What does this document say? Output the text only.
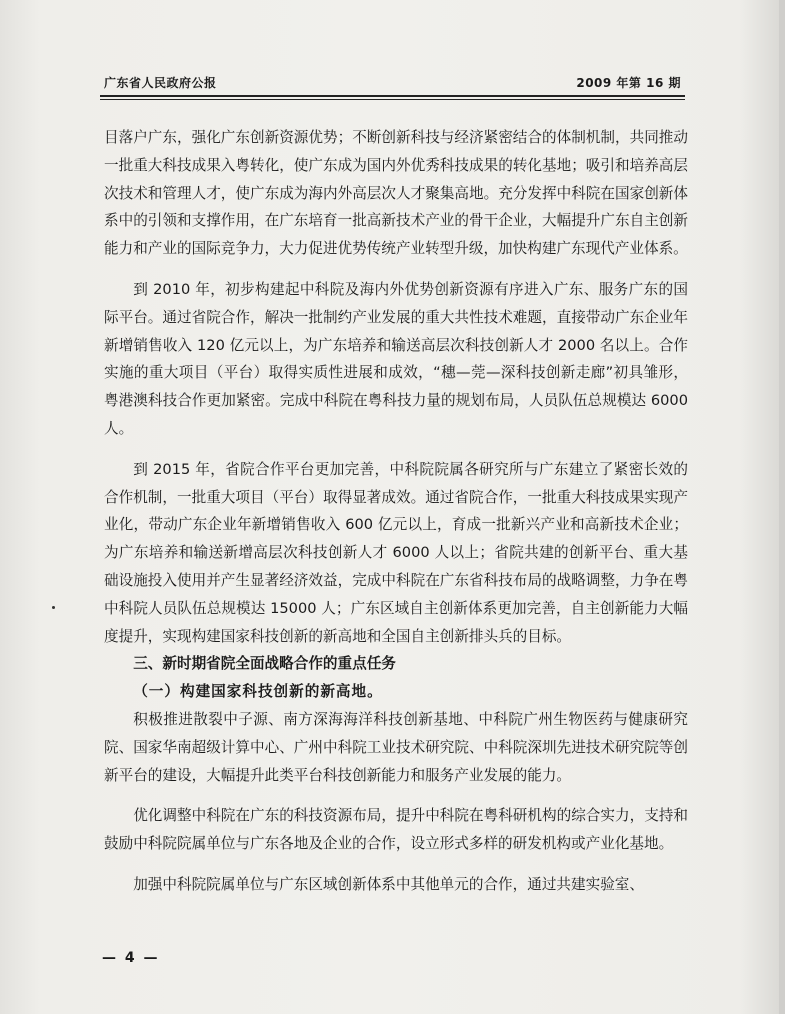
广东省人民政府公报	2009 年第 16 期

目落户广东，强化广东创新资源优势；不断创新科技与经济紧密结合的体制机制，共同推动一批重大科技成果入粤转化，使广东成为国内外优秀科技成果的转化基地；吸引和培养高层次技术和管理人才，使广东成为海内外高层次人才聚集高地。充分发挥中科院在国家创新体系中的引领和支撑作用，在广东培育一批高新技术产业的骨干企业，大幅提升广东自主创新能力和产业的国际竞争力，大力促进优势传统产业转型升级，加快构建广东现代产业体系。

到 2010 年，初步构建起中科院及海内外优势创新资源有序进入广东、服务广东的国际平台。通过省院合作，解决一批制约产业发展的重大共性技术难题，直接带动广东企业年新增销售收入 120 亿元以上，为广东培养和输送高层次科技创新人才 2000 名以上。合作实施的重大项目（平台）取得实质性进展和成效，“穗—莞—深科技创新走廊”初具雏形，粤港澳科技合作更加紧密。完成中科院在粤科技力量的规划布局，人员队伍总规模达 6000 人。

到 2015 年，省院合作平台更加完善，中科院院属各研究所与广东建立了紧密长效的合作机制，一批重大项目（平台）取得显著成效。通过省院合作，一批重大科技成果实现产业化，带动广东企业年新增销售收入 600 亿元以上，育成一批新兴产业和高新技术企业；为广东培养和输送新增高层次科技创新人才 6000 人以上；省院共建的创新平台、重大基础设施投入使用并产生显著经济效益，完成中科院在广东省科技布局的战略调整，力争在粤中科院人员队伍总规模达 15000 人；广东区域自主创新体系更加完善，自主创新能力大幅度提升，实现构建国家科技创新的新高地和全国自主创新排头兵的目标。

三、新时期省院全面战略合作的重点任务

（一）构建国家科技创新的新高地。

积极推进散裂中子源、南方深海海洋科技创新基地、中科院广州生物医药与健康研究院、国家华南超级计算中心、广州中科院工业技术研究院、中科院深圳先进技术研究院等创新平台的建设，大幅提升此类平台科技创新能力和服务产业发展的能力。

优化调整中科院在广东的科技资源布局，提升中科院在粤科研机构的综合实力，支持和鼓励中科院院属单位与广东各地及企业的合作，设立形式多样的研发机构或产业化基地。

加强中科院院属单位与广东区域创新体系中其他单元的合作，通过共建实验室、

— 4 —
